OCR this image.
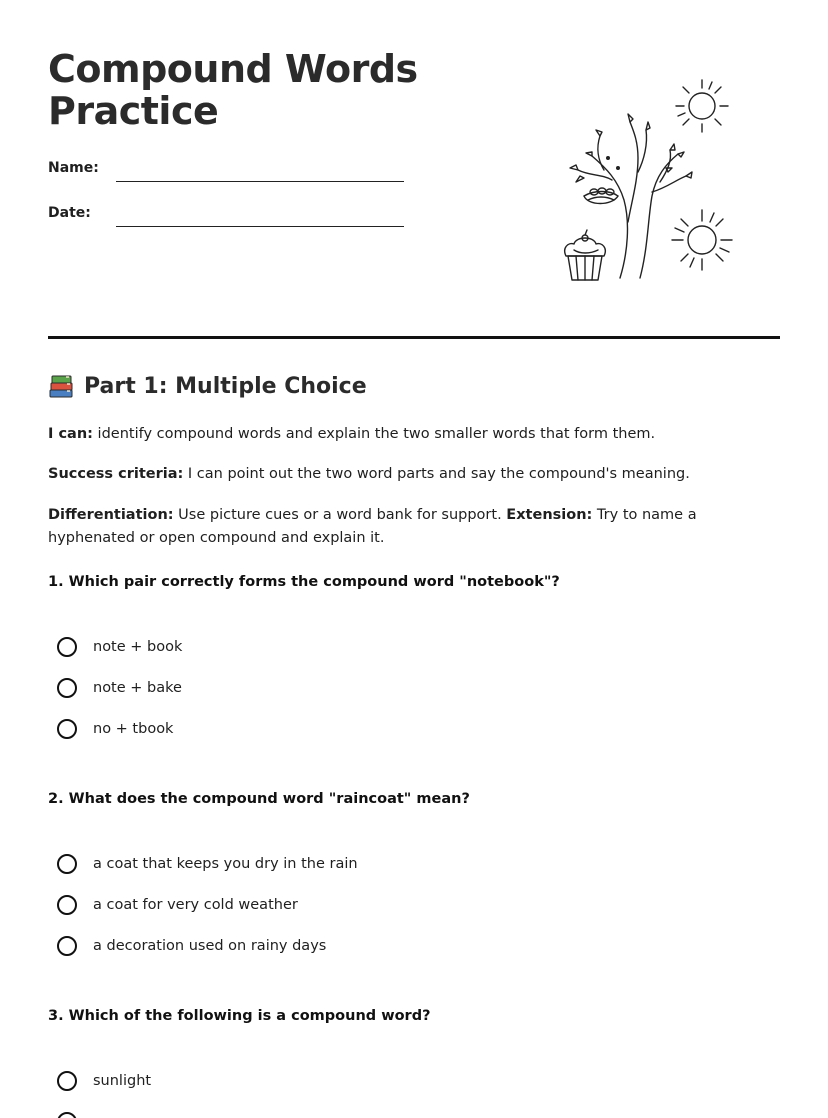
Compound Words
Practice
Name:
Date:
Part 1: Multiple Choice

I can: identify compound words and explain the two smaller words that form them.

Success criteria: I can point out the two word parts and say the compound's meaning.

Differentiation: Use picture cues or a word bank for support. Extension: Try to name a hyphenated or open compound and explain it.

1. Which pair correctly forms the compound word "notebook"?

note + book
note + bake
no + tbook

2. What does the compound word "raincoat" mean?

a coat that keeps you dry in the rain
a coat for very cold weather
a decoration used on rainy days

3. Which of the following is a compound word?

sunlight
